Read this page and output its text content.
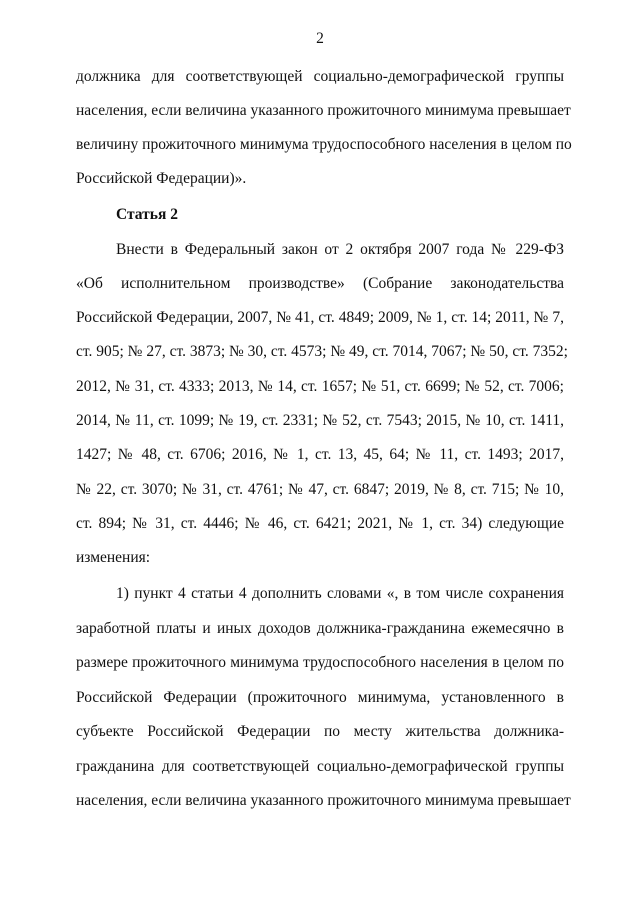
2
должника для соответствующей социально-демографической группы
населения, если величина указанного прожиточного минимума превышает
величину прожиточного минимума трудоспособного населения в целом по
Российской Федерации)».
Статья 2
Внести в Федеральный закон от 2 октября 2007 года № 229-ФЗ
«Об исполнительном производстве» (Собрание законодательства
Российской Федерации, 2007, № 41, ст. 4849; 2009, № 1, ст. 14; 2011, № 7,
ст. 905; № 27, ст. 3873; № 30, ст. 4573; № 49, ст. 7014, 7067; № 50, ст. 7352;
2012, № 31, ст. 4333; 2013, № 14, ст. 1657; № 51, ст. 6699; № 52, ст. 7006;
2014, № 11, ст. 1099; № 19, ст. 2331; № 52, ст. 7543; 2015, № 10, ст. 1411,
1427; № 48, ст. 6706; 2016, № 1, ст. 13, 45, 64; № 11, ст. 1493; 2017,
№ 22, ст. 3070; № 31, ст. 4761; № 47, ст. 6847; 2019, № 8, ст. 715; № 10,
ст. 894; № 31, ст. 4446; № 46, ст. 6421; 2021, № 1, ст. 34) следующие
изменения:
1) пункт 4 статьи 4 дополнить словами «, в том числе сохранения
заработной платы и иных доходов должника-гражданина ежемесячно в
размере прожиточного минимума трудоспособного населения в целом по
Российской Федерации (прожиточного минимума, установленного в
субъекте Российской Федерации по месту жительства должника-
гражданина для соответствующей социально-демографической группы
населения, если величина указанного прожиточного минимума превышает
